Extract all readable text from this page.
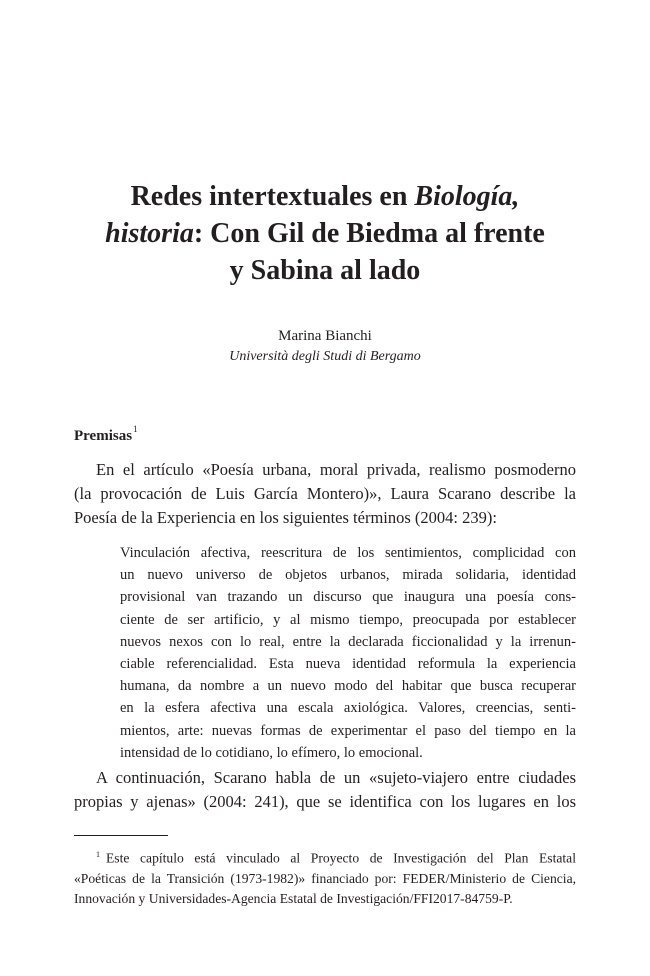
Redes intertextuales en Biología,
historia: Con Gil de Biedma al frente
y Sabina al lado
Marina Bianchi
Università degli Studi di Bergamo
Premisas$^1$
En el artículo «Poesía urbana, moral privada, realismo posmoderno
(la provocación de Luis García Montero)», Laura Scarano describe la
Poesía de la Experiencia en los siguientes términos (2004: 239):
Vinculación afectiva, reescritura de los sentimientos, complicidad con
un nuevo universo de objetos urbanos, mirada solidaria, identidad
provisional van trazando un discurso que inaugura una poesía cons-
ciente de ser artificio, y al mismo tiempo, preocupada por establecer
nuevos nexos con lo real, entre la declarada ficcionalidad y la irrenun-
ciable referencialidad. Esta nueva identidad reformula la experiencia
humana, da nombre a un nuevo modo del habitar que busca recuperar
en la esfera afectiva una escala axiológica. Valores, creencias, senti-
mientos, arte: nuevas formas de experimentar el paso del tiempo en la
intensidad de lo cotidiano, lo efímero, lo emocional.
A continuación, Scarano habla de un «sujeto-viajero entre ciudades
propias y ajenas» (2004: 241), que se identifica con los lugares en los
$^1$ Este capítulo está vinculado al Proyecto de Investigación del Plan Estatal
«Poéticas de la Transición (1973-1982)» financiado por: FEDER/Ministerio de Ciencia,
Innovación y Universidades-Agencia Estatal de Investigación/FFI2017-84759-P.
